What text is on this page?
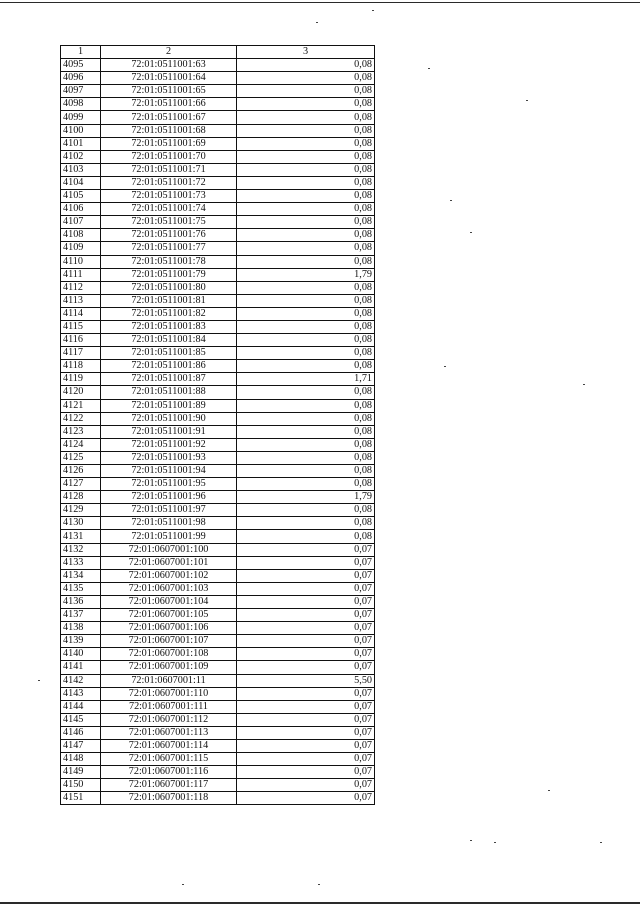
1	2	3
4095	72:01:0511001:63	0,08
4096	72:01:0511001:64	0,08
4097	72:01:0511001:65	0,08
4098	72:01:0511001:66	0,08
4099	72:01:0511001:67	0,08
4100	72:01:0511001:68	0,08
4101	72:01:0511001:69	0,08
4102	72:01:0511001:70	0,08
4103	72:01:0511001:71	0,08
4104	72:01:0511001:72	0,08
4105	72:01:0511001:73	0,08
4106	72:01:0511001:74	0,08
4107	72:01:0511001:75	0,08
4108	72:01:0511001:76	0,08
4109	72:01:0511001:77	0,08
4110	72:01:0511001:78	0,08
4111	72:01:0511001:79	1,79
4112	72:01:0511001:80	0,08
4113	72:01:0511001:81	0,08
4114	72:01:0511001:82	0,08
4115	72:01:0511001:83	0,08
4116	72:01:0511001:84	0,08
4117	72:01:0511001:85	0,08
4118	72:01:0511001:86	0,08
4119	72:01:0511001:87	1,71
4120	72:01:0511001:88	0,08
4121	72:01:0511001:89	0,08
4122	72:01:0511001:90	0,08
4123	72:01:0511001:91	0,08
4124	72:01:0511001:92	0,08
4125	72:01:0511001:93	0,08
4126	72:01:0511001:94	0,08
4127	72:01:0511001:95	0,08
4128	72:01:0511001:96	1,79
4129	72:01:0511001:97	0,08
4130	72:01:0511001:98	0,08
4131	72:01:0511001:99	0,08
4132	72:01:0607001:100	0,07
4133	72:01:0607001:101	0,07
4134	72:01:0607001:102	0,07
4135	72:01:0607001:103	0,07
4136	72:01:0607001:104	0,07
4137	72:01:0607001:105	0,07
4138	72:01:0607001:106	0,07
4139	72:01:0607001:107	0,07
4140	72:01:0607001:108	0,07
4141	72:01:0607001:109	0,07
4142	72:01:0607001:11	5,50
4143	72:01:0607001:110	0,07
4144	72:01:0607001:111	0,07
4145	72:01:0607001:112	0,07
4146	72:01:0607001:113	0,07
4147	72:01:0607001:114	0,07
4148	72:01:0607001:115	0,07
4149	72:01:0607001:116	0,07
4150	72:01:0607001:117	0,07
4151	72:01:0607001:118	0,07
